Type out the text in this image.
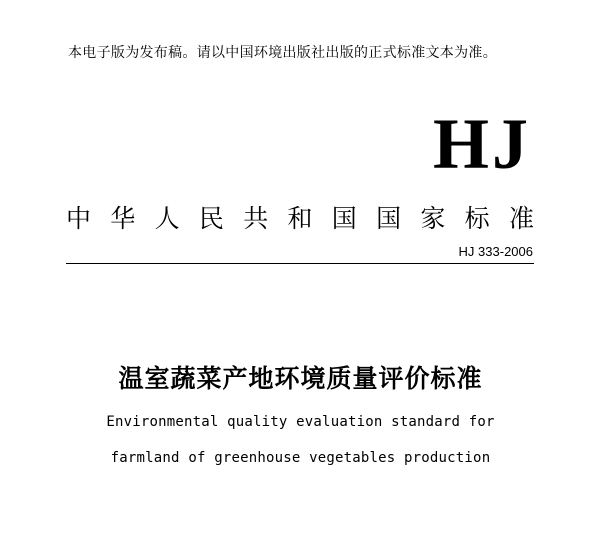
本电子版为发布稿。请以中国环境出版社出版的正式标准文本为准。
HJ
中华人民共和国国家标准
HJ 333-2006
温室蔬菜产地环境质量评价标准
Environmental quality evaluation standard for
farmland of greenhouse vegetables production
